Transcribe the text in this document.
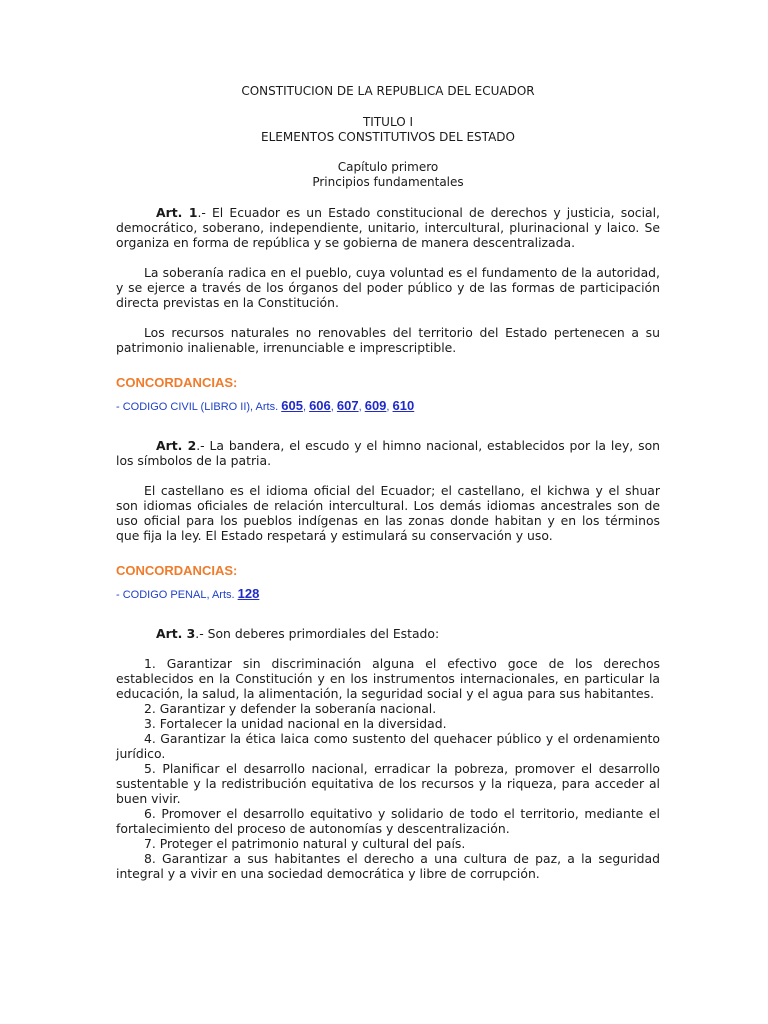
CONSTITUCION DE LA REPUBLICA DEL ECUADOR

TITULO I

ELEMENTOS CONSTITUTIVOS DEL ESTADO

Capítulo primero

Principios fundamentales

Art. 1.- El Ecuador es un Estado constitucional de derechos y justicia, social, democrático, soberano, independiente, unitario, intercultural, plurinacional y laico. Se organiza en forma de república y se gobierna de manera descentralizada.

La soberanía radica en el pueblo, cuya voluntad es el fundamento de la autoridad, y se ejerce a través de los órganos del poder público y de las formas de participación directa previstas en la Constitución.

Los recursos naturales no renovables del territorio del Estado pertenecen a su patrimonio inalienable, irrenunciable e imprescriptible.

CONCORDANCIAS:

- CODIGO CIVIL (LIBRO II), Arts. 605, 606, 607, 609, 610

Art. 2.- La bandera, el escudo y el himno nacional, establecidos por la ley, son los símbolos de la patria.

El castellano es el idioma oficial del Ecuador; el castellano, el kichwa y el shuar son idiomas oficiales de relación intercultural. Los demás idiomas ancestrales son de uso oficial para los pueblos indígenas en las zonas donde habitan y en los términos que fija la ley. El Estado respetará y estimulará su conservación y uso.

CONCORDANCIAS:

- CODIGO PENAL, Arts. 128

Art. 3.- Son deberes primordiales del Estado:

1. Garantizar sin discriminación alguna el efectivo goce de los derechos establecidos en la Constitución y en los instrumentos internacionales, en particular la educación, la salud, la alimentación, la seguridad social y el agua para sus habitantes.

2. Garantizar y defender la soberanía nacional.

3. Fortalecer la unidad nacional en la diversidad.

4. Garantizar la ética laica como sustento del quehacer público y el ordenamiento jurídico.

5. Planificar el desarrollo nacional, erradicar la pobreza, promover el desarrollo sustentable y la redistribución equitativa de los recursos y la riqueza, para acceder al buen vivir.

6. Promover el desarrollo equitativo y solidario de todo el territorio, mediante el fortalecimiento del proceso de autonomías y descentralización.

7. Proteger el patrimonio natural y cultural del país.

8. Garantizar a sus habitantes el derecho a una cultura de paz, a la seguridad integral y a vivir en una sociedad democrática y libre de corrupción.
